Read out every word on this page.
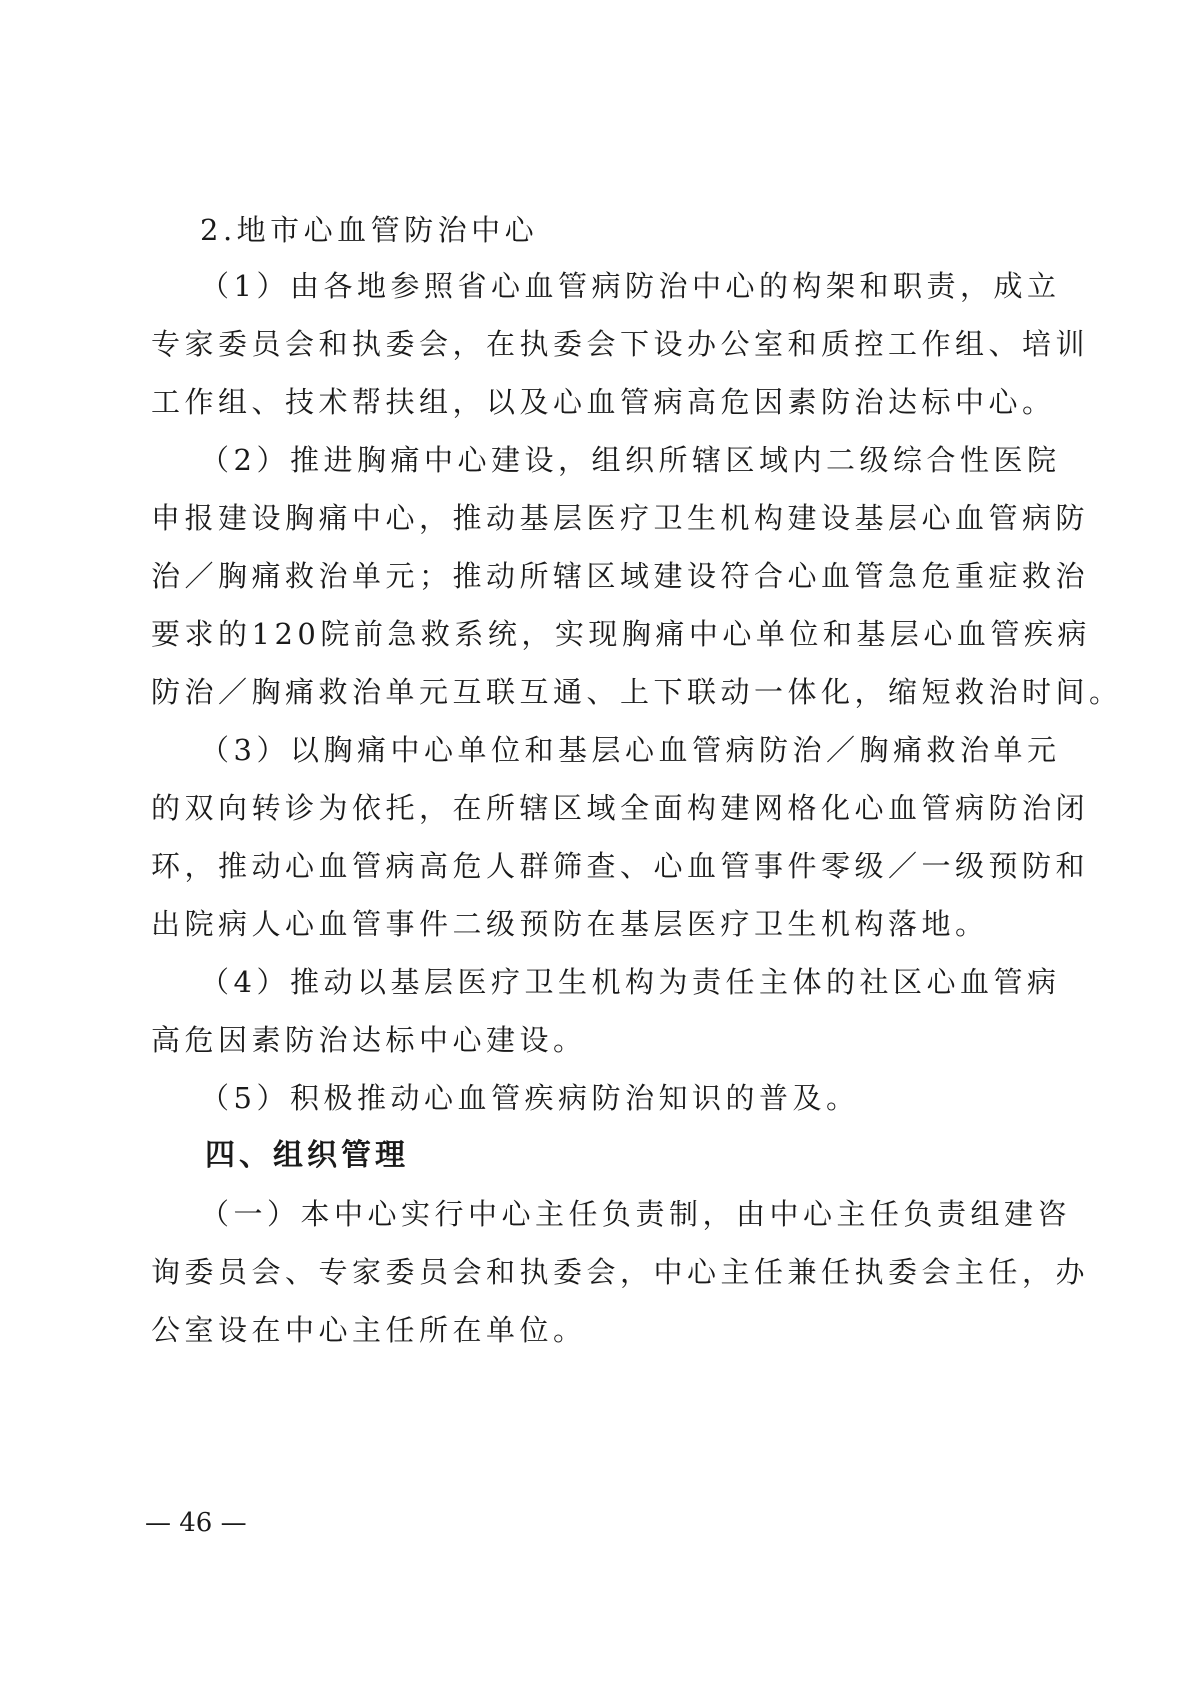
2.地市心血管防治中心
（1）由各地参照省心血管病防治中心的构架和职责，成立
专家委员会和执委会，在执委会下设办公室和质控工作组、培训
工作组、技术帮扶组，以及心血管病高危因素防治达标中心。
（2）推进胸痛中心建设，组织所辖区域内二级综合性医院
申报建设胸痛中心，推动基层医疗卫生机构建设基层心血管病防
治／胸痛救治单元；推动所辖区域建设符合心血管急危重症救治
要求的120院前急救系统，实现胸痛中心单位和基层心血管疾病
防治／胸痛救治单元互联互通、上下联动一体化，缩短救治时间。
（3）以胸痛中心单位和基层心血管病防治／胸痛救治单元
的双向转诊为依托，在所辖区域全面构建网格化心血管病防治闭
环，推动心血管病高危人群筛查、心血管事件零级／一级预防和
出院病人心血管事件二级预防在基层医疗卫生机构落地。
（4）推动以基层医疗卫生机构为责任主体的社区心血管病
高危因素防治达标中心建设。
（5）积极推动心血管疾病防治知识的普及。
四、组织管理
（一）本中心实行中心主任负责制，由中心主任负责组建咨
询委员会、专家委员会和执委会，中心主任兼任执委会主任，办
公室设在中心主任所在单位。
— 46 —
